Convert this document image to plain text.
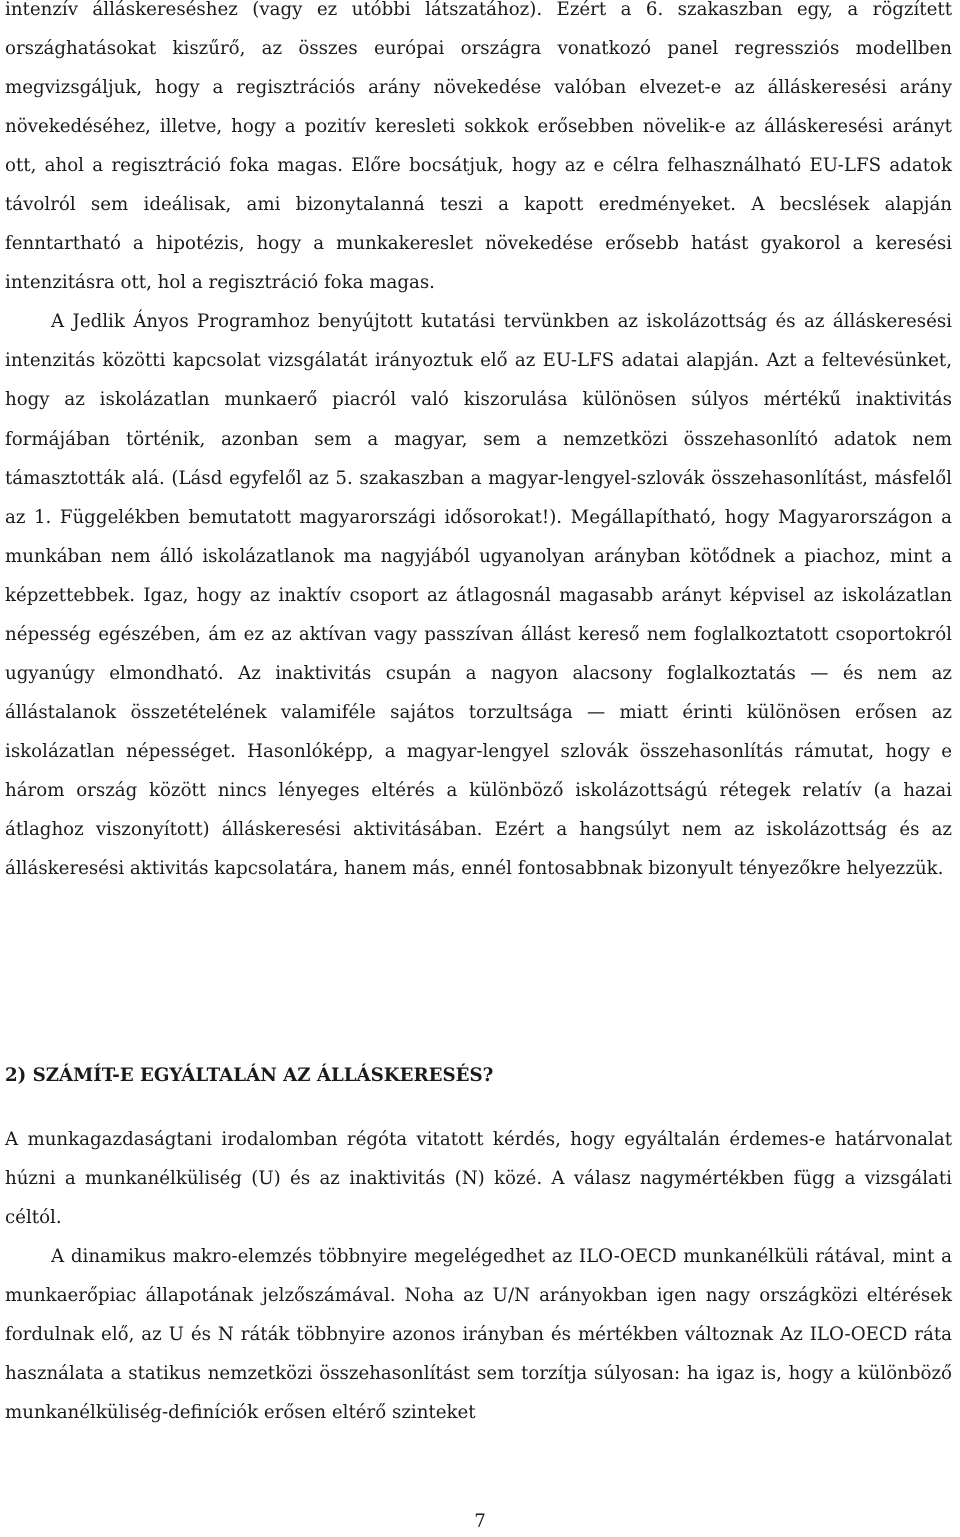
intenzív álláskereséshez (vagy ez utóbbi látszatához). Ezért a 6. szakaszban egy, a rögzített országhatásokat kiszűrő, az összes európai országra vonatkozó panel regressziós modellben megvizsgáljuk, hogy a regisztrációs arány növekedése valóban elvezet-e az álláskeresési arány növekedéséhez, illetve, hogy a pozitív keresleti sokkok erősebben növelik-e az álláskeresési arányt ott, ahol a regisztráció foka magas. Előre bocsátjuk, hogy az e célra felhasználható EU-LFS adatok távolról sem ideálisak, ami bizonytalanná teszi a kapott eredményeket. A becslések alapján fenntartható a hipotézis, hogy a munkakereslet növekedése erősebb hatást gyakorol a keresési intenzitásra ott, hol a regisztráció foka magas.

A Jedlik Ányos Programhoz benyújtott kutatási tervünkben az iskolázottság és az álláskeresési intenzitás közötti kapcsolat vizsgálatát irányoztuk elő az EU-LFS adatai alapján. Azt a feltevésünket, hogy az iskolázatlan munkaerő piacról való kiszorulása különösen súlyos mértékű inaktivitás formájában történik, azonban sem a magyar, sem a nemzetközi összehasonlító adatok nem támasztották alá. (Lásd egyfelől az 5. szakaszban a magyar-lengyel-szlovák összehasonlítást, másfelől az 1. Függelékben bemutatott magyarországi idősorokat!). Megállapítható, hogy Magyarországon a munkában nem álló iskolázatlanok ma nagyjából ugyanolyan arányban kötődnek a piachoz, mint a képzettebbek. Igaz, hogy az inaktív csoport az átlagosnál magasabb arányt képvisel az iskolázatlan népesség egészében, ám ez az aktívan vagy passzívan állást kereső nem foglalkoztatott csoportokról ugyanúgy elmondható. Az inaktivitás csupán a nagyon alacsony foglalkoztatás — és nem az állástalanok összetételének valamiféle sajátos torzultsága — miatt érinti különösen erősen az iskolázatlan népességet. Hasonlóképp, a magyar-lengyel szlovák összehasonlítás rámutat, hogy e három ország között nincs lényeges eltérés a különböző iskolázottságú rétegek relatív (a hazai átlaghoz viszonyított) álláskeresési aktivitásában. Ezért a hangsúlyt nem az iskolázottság és az álláskeresési aktivitás kapcsolatára, hanem más, ennél fontosabbnak bizonyult tényezőkre helyezzük.

2) SZÁMÍT-E EGYÁLTALÁN AZ ÁLLÁSKERESÉS?

A munkagazdaságtani irodalomban régóta vitatott kérdés, hogy egyáltalán érdemes-e határvonalat húzni a munkanélküliség (U) és az inaktivitás (N) közé. A válasz nagymértékben függ a vizsgálati céltól.

A dinamikus makro-elemzés többnyire megelégedhet az ILO-OECD munkanélküli rátával, mint a munkaerőpiac állapotának jelzőszámával. Noha az U/N arányokban igen nagy országközi eltérések fordulnak elő, az U és N ráták többnyire azonos irányban és mértékben változnak Az ILO-OECD ráta használata a statikus nemzetközi összehasonlítást sem torzítja súlyosan: ha igaz is, hogy a különböző munkanélküliség-definíciók erősen eltérő szinteket

7
